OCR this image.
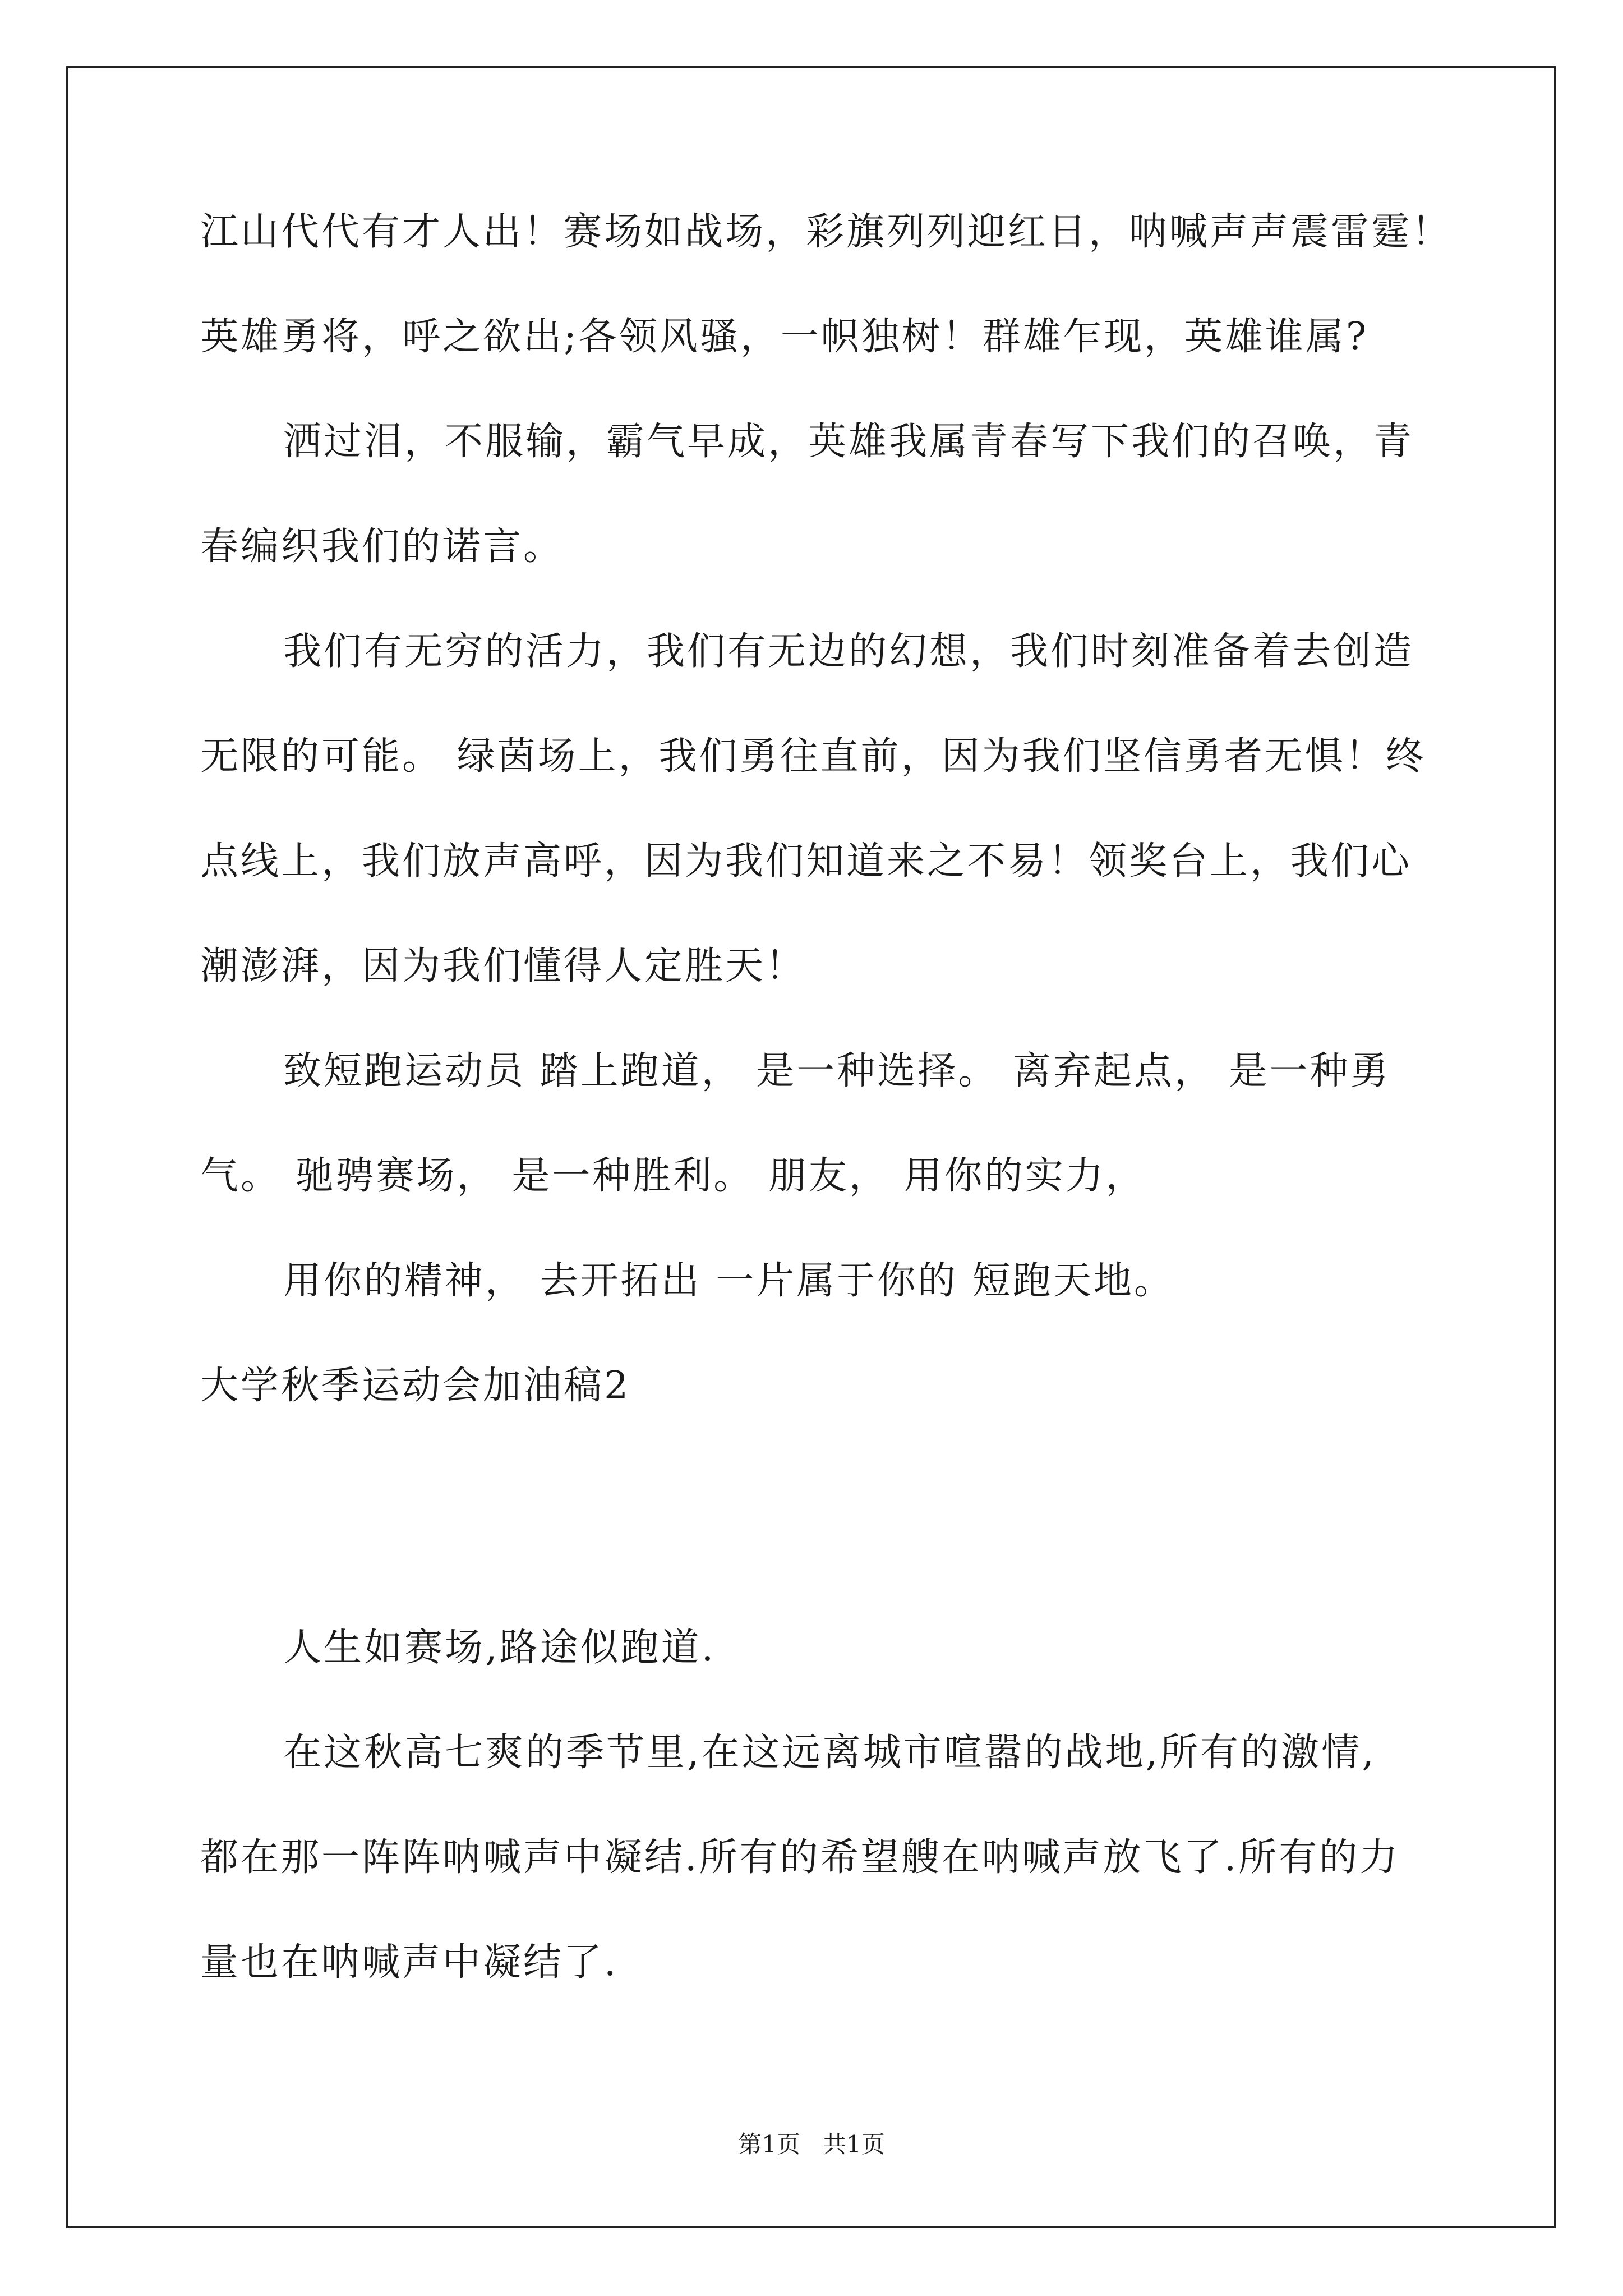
江山代代有才人出！赛场如战场，彩旗列列迎红日，呐喊声声震雷霆！
英雄勇将，呼之欲出;各领风骚，一帜独树！群雄乍现，英雄谁属?
洒过泪，不服输，霸气早成，英雄我属青春写下我们的召唤，青
春编织我们的诺言。
我们有无穷的活力，我们有无边的幻想，我们时刻准备着去创造
无限的可能。 绿茵场上，我们勇往直前，因为我们坚信勇者无惧！终
点线上，我们放声高呼，因为我们知道来之不易！领奖台上，我们心
潮澎湃，因为我们懂得人定胜天！
致短跑运动员 踏上跑道， 是一种选择。 离弃起点， 是一种勇
气。 驰骋赛场， 是一种胜利。 朋友， 用你的实力，
用你的精神， 去开拓出 一片属于你的 短跑天地。
大学秋季运动会加油稿2
人生如赛场,路途似跑道.
在这秋高七爽的季节里,在这远离城市喧嚣的战地,所有的激情,
都在那一阵阵呐喊声中凝结.所有的希望艘在呐喊声放飞了.所有的力
量也在呐喊声中凝结了.
第1页   共1页
